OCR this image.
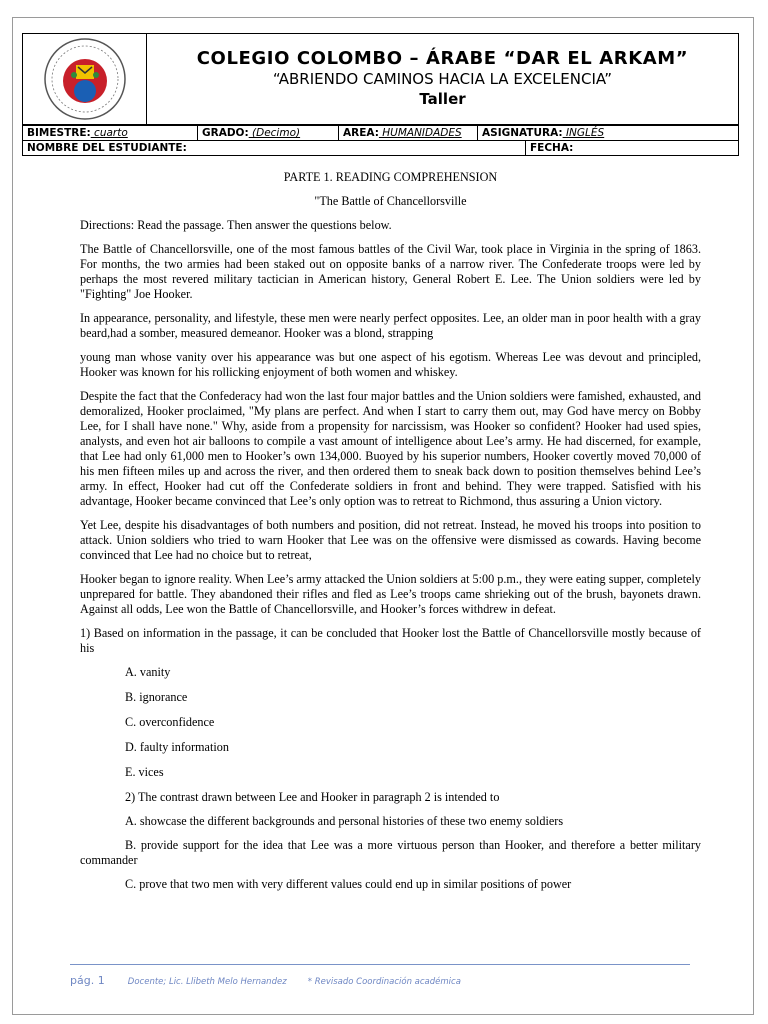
COLEGIO COLOMBO – ÁRABE “DAR EL ARKAM”
“ABRIENDO CAMINOS HACIA LA EXCELENCIA”
Taller
BIMESTRE: cuarto	GRADO: (Decimo)	AREA: HUMANIDADES	ASIGNATURA: INGLÉS	
NOMBRE DEL ESTUDIANTE:				FECHA:

PARTE 1. READING COMPREHENSION

"The Battle of Chancellorsville

Directions: Read the passage. Then answer the questions below.

The Battle of Chancellorsville, one of the most famous battles of the Civil War, took place in Virginia in the spring of 1863. For months, the two armies had been staked out on opposite banks of a narrow river. The Confederate troops were led by perhaps the most revered military tactician in American history, General Robert E. Lee. The Union soldiers were led by "Fighting" Joe Hooker.

In appearance, personality, and lifestyle, these men were nearly perfect opposites. Lee, an older man in poor health with a gray beard,had a somber, measured demeanor. Hooker was a blond, strapping

young man whose vanity over his appearance was but one aspect of his egotism. Whereas Lee was devout and principled, Hooker was known for his rollicking enjoyment of both women and whiskey.

Despite the fact that the Confederacy had won the last four major battles and the Union soldiers were famished, exhausted, and demoralized, Hooker proclaimed, "My plans are perfect. And when I start to carry them out, may God have mercy on Bobby Lee, for I shall have none." Why, aside from a propensity for narcissism, was Hooker so confident? Hooker had used spies, analysts, and even hot air balloons to compile a vast amount of intelligence about Lee’s army. He had discerned, for example, that Lee had only 61,000 men to Hooker’s own 134,000. Buoyed by his superior numbers, Hooker covertly moved 70,000 of his men fifteen miles up and across the river, and then ordered them to sneak back down to position themselves behind Lee’s army. In effect, Hooker had cut off the Confederate soldiers in front and behind. They were trapped. Satisfied with his advantage, Hooker became convinced that Lee’s only option was to retreat to Richmond, thus assuring a Union victory.

Yet Lee, despite his disadvantages of both numbers and position, did not retreat. Instead, he moved his troops into position to attack. Union soldiers who tried to warn Hooker that Lee was on the offensive were dismissed as cowards. Having become convinced that Lee had no choice but to retreat,

Hooker began to ignore reality. When Lee’s army attacked the Union soldiers at 5:00 p.m., they were eating supper, completely unprepared for battle. They abandoned their rifles and fled as Lee’s troops came shrieking out of the brush, bayonets drawn. Against all odds, Lee won the Battle of Chancellorsville, and Hooker’s forces withdrew in defeat.

1) Based on information in the passage, it can be concluded that Hooker lost the Battle of Chancellorsville mostly because of his

A. vanity

B. ignorance

C. overconfidence

D. faulty information

E. vices

2) The contrast drawn between Lee and Hooker in paragraph 2 is intended to

A. showcase the different backgrounds and personal histories of these two enemy soldiers

B. provide support for the idea that Lee was a more virtuous person than Hooker, and therefore a better military commander

C. prove that two men with very different values could end up in similar positions of power

pág. 1	Docente; Lic. Llibeth Melo Hernandez * Revisado Coordinación académica
